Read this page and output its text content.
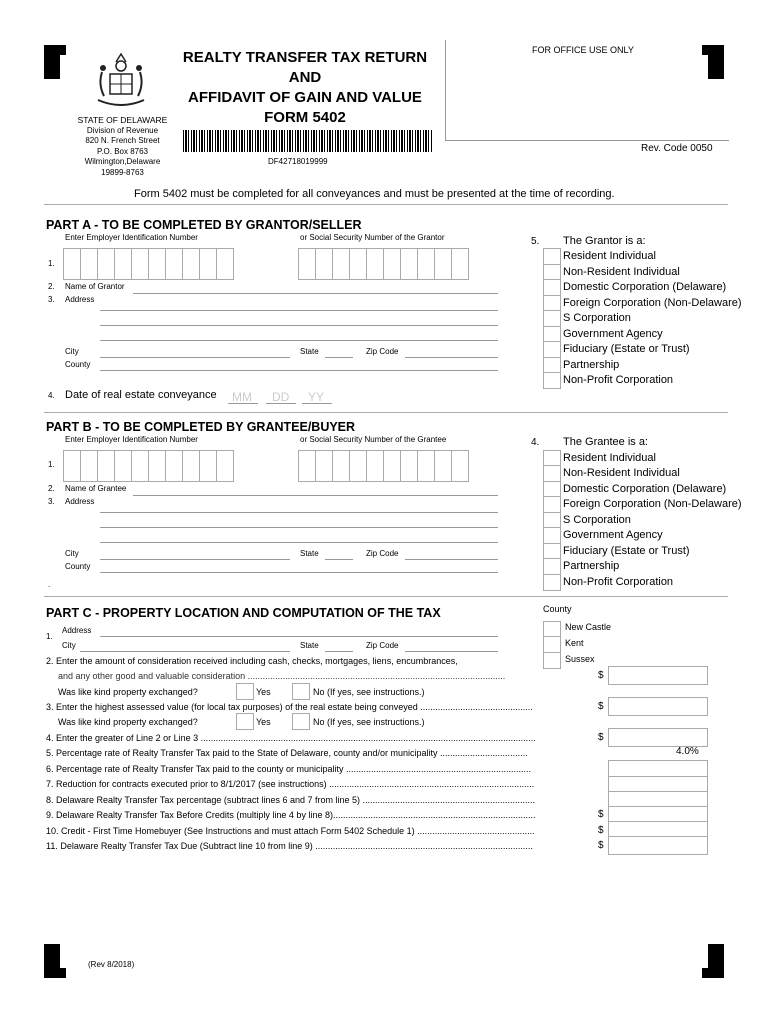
STATE OF DELAWARE
Division of Revenue
820 N. French Street
P.O. Box 8763
Wilmington,Delaware
19899-8763
REALTY TRANSFER TAX RETURN
AND
AFFIDAVIT OF GAIN AND VALUE
FORM 5402
DF42718019999
FOR OFFICE USE ONLY
Rev. Code 0050
Form 5402 must be completed for all conveyances and must be presented at the time of recording.
PART A - TO BE COMPLETED BY GRANTOR/SELLER
Enter Employer Identification Number	or Social Security Number of the Grantor
1.
2. Name of Grantor
3. Address
City	State	Zip Code
County
4. Date of real estate conveyance MM DD YY
5. The Grantor is a:
Resident Individual
Non-Resident Individual
Domestic Corporation (Delaware)
Foreign Corporation (Non-Delaware)
S Corporation
Government Agency
Fiduciary (Estate or Trust)
Partnership
Non-Profit Corporation
PART B - TO BE COMPLETED BY GRANTEE/BUYER
Enter Employer Identification Number	or Social Security Number of the Grantee
1.
2. Name of Grantee
3. Address
City	State	Zip Code
County
.
4. The Grantee is a:
Resident Individual
Non-Resident Individual
Domestic Corporation (Delaware)
Foreign Corporation (Non-Delaware)
S Corporation
Government Agency
Fiduciary (Estate or Trust)
Partnership
Non-Profit Corporation
PART C - PROPERTY LOCATION AND COMPUTATION OF THE TAX
1.
Address
City	State	Zip Code
County
New Castle
Kent
Sussex
2. Enter the amount of consideration received including cash, checks, mortgages, liens, encumbrances,
and any other good and valuable consideration .......................................................................................................	$
Was like kind property exchanged?	Yes	No (If yes, see instructions.)
3. Enter the highest assessed value (for local tax purposes) of the real estate being conveyed .............................................	$
Was like kind property exchanged?	Yes	No (If yes, see instructions.)
4. Enter the greater of Line 2 or Line 3 ......................................................................................................................................	$
5. Percentage rate of Realty Transfer Tax paid to the State of Delaware, county and/or municipality ...................................	4.0%
6. Percentage rate of Realty Transfer Tax paid to the county or municipality ..........................................................................
7. Reduction for contracts executed prior to 8/1/2017 (see instructions) ..................................................................................
8. Delaware Realty Transfer Tax percentage (subtract lines 6 and 7 from line 5) .....................................................................
9. Delaware Realty Transfer Tax Before Credits (multiply line 4 by line 8).................................................................................	$
10. Credit - First Time Homebuyer (See Instructions and must attach Form 5402 Schedule 1) ...............................................	$
11. Delaware Realty Transfer Tax Due (Subtract line 10 from line 9) .......................................................................................	$
(Rev 8/2018)
